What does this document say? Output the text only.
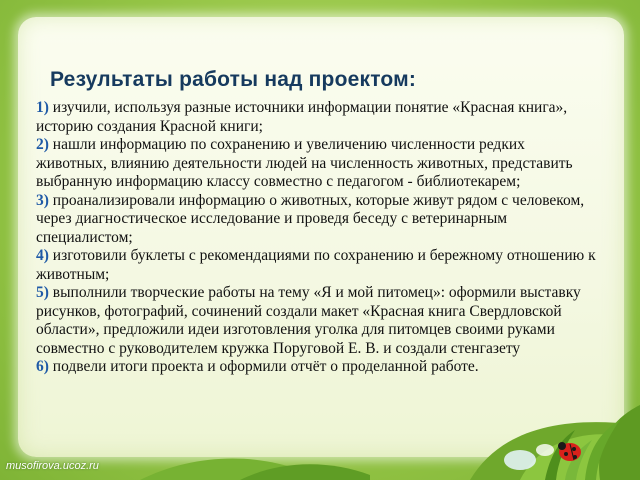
Результаты работы над проектом:

1) изучили, используя разные источники информации понятие «Красная книга», историю создания Красной книги;

2) нашли информацию по сохранению и увеличению численности редких животных, влиянию деятельности людей на численность животных, представить выбранную информацию классу совместно с педагогом - библиотекарем;

3) проанализировали информацию о животных, которые живут рядом с человеком, через диагностическое исследование и проведя беседу с ветеринарным специалистом;

4) изготовили буклеты с рекомендациями по сохранению и бережному отношению к животным;

5) выполнили творческие работы на тему «Я и мой питомец»: оформили выставку рисунков, фотографий, сочинений создали макет «Красная книга Свердловской области», предложили идеи изготовления уголка для питомцев своими руками совместно с руководителем кружка Поруговой Е. В. и создали стенгазету

6) подвели итоги проекта и оформили отчёт о проделанной работе.

musofirova.ucoz.ru
